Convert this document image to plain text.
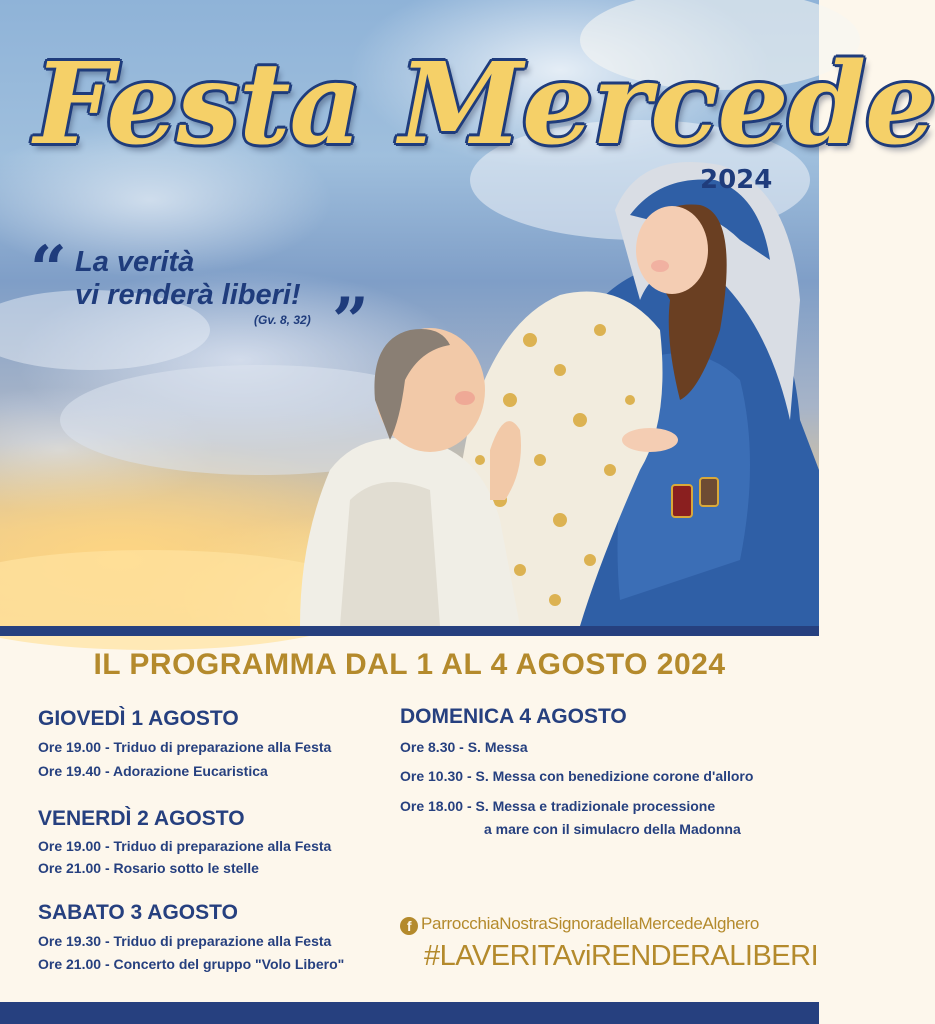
Festa Mercede
2024
“ La verità
vi renderà liberi!
(Gv. 8, 32) ”
IL PROGRAMMA DAL 1 AL 4 AGOSTO 2024
GIOVEDÌ 1 AGOSTO
Ore 19.00 - Triduo di preparazione alla Festa
Ore 19.40 - Adorazione Eucaristica
VENERDÌ 2 AGOSTO
Ore 19.00 - Triduo di preparazione alla Festa
Ore 21.00 - Rosario sotto le stelle
SABATO 3 AGOSTO
Ore 19.30 - Triduo di preparazione alla Festa
Ore 21.00 - Concerto del gruppo "Volo Libero"
DOMENICA 4 AGOSTO
Ore 8.30 - S. Messa
Ore 10.30 - S. Messa con benedizione corone d'alloro
Ore 18.00 - S. Messa e tradizionale processione
a mare con il simulacro della Madonna
f ParrocchiaNostraSignoradellaMercedeAlghero
#LAVERITAviRENDERALIBERI
